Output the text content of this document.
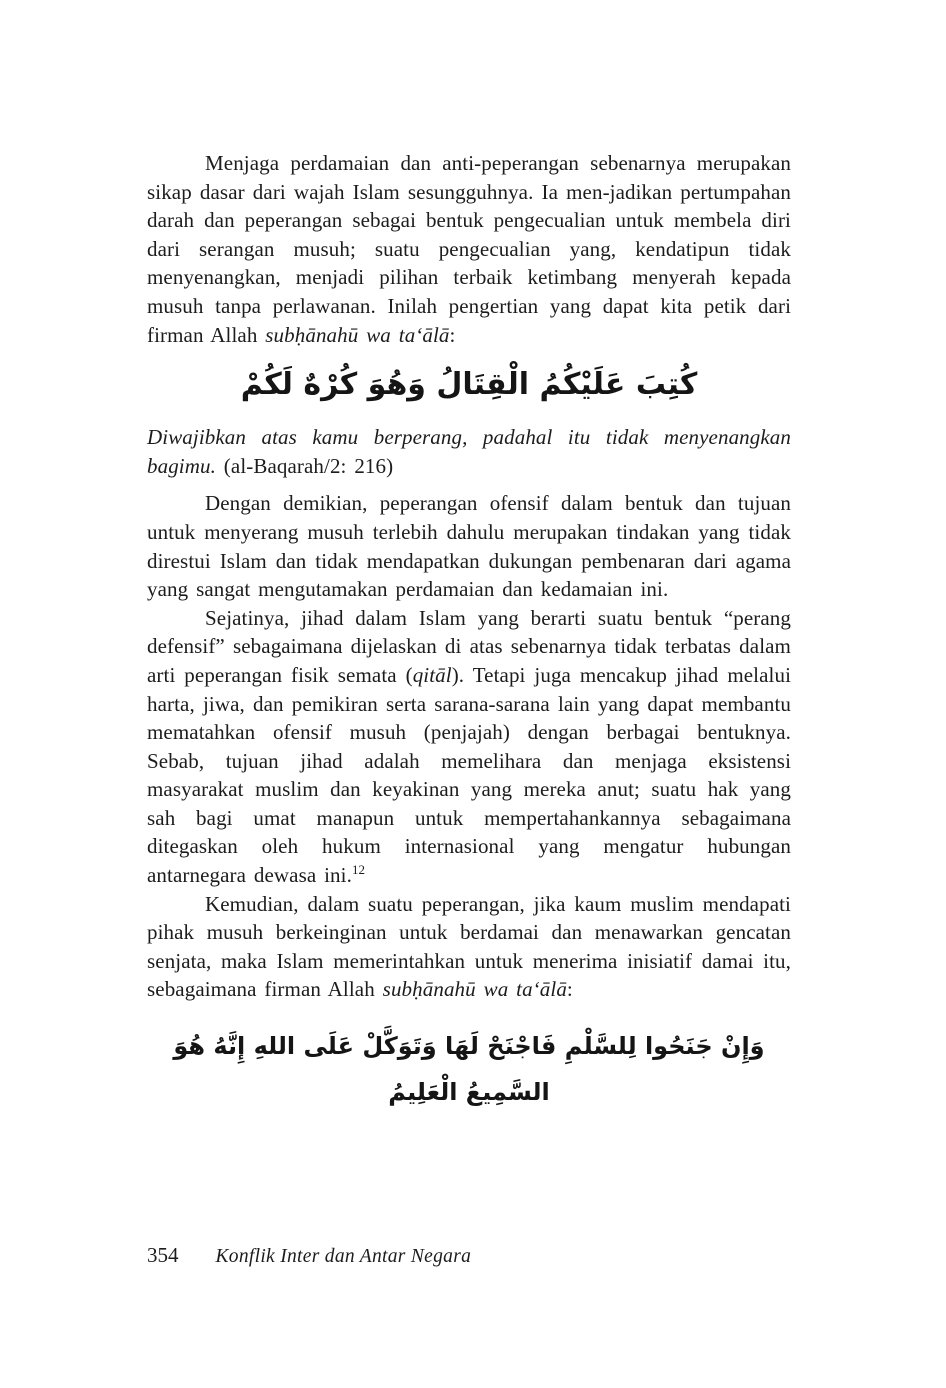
Menjaga perdamaian dan anti-peperangan sebenarnya merupakan sikap dasar dari wajah Islam sesungguhnya. Ia men-jadikan pertumpahan darah dan peperangan sebagai bentuk pengecualian untuk membela diri dari serangan musuh; suatu pengecualian yang, kendatipun tidak menyenangkan, menjadi pilihan terbaik ketimbang menyerah kepada musuh tanpa perlawanan. Inilah pengertian yang dapat kita petik dari firman Allah subḥānahū wa ta‘ālā:

كُتِبَ عَلَيْكُمُ الْقِتَالُ وَهُوَ كُرْهٌ لَكُمْ

Diwajibkan atas kamu berperang, padahal itu tidak menyenangkan bagimu. (al-Baqarah/2: 216)

Dengan demikian, peperangan ofensif dalam bentuk dan tujuan untuk menyerang musuh terlebih dahulu merupakan tindakan yang tidak direstui Islam dan tidak mendapatkan dukungan pembenaran dari agama yang sangat mengutamakan perdamaian dan kedamaian ini.

Sejatinya, jihad dalam Islam yang berarti suatu bentuk “perang defensif” sebagaimana dijelaskan di atas sebenarnya tidak terbatas dalam arti peperangan fisik semata (qitāl). Tetapi juga mencakup jihad melalui harta, jiwa, dan pemikiran serta sarana-sarana lain yang dapat membantu mematahkan ofensif musuh (penjajah) dengan berbagai bentuknya. Sebab, tujuan jihad adalah memelihara dan menjaga eksistensi masyarakat muslim dan keyakinan yang mereka anut; suatu hak yang sah bagi umat manapun untuk mempertahankannya sebagaimana ditegaskan oleh hukum internasional yang mengatur hubungan antarnegara dewasa ini.$^{12}$

Kemudian, dalam suatu peperangan, jika kaum muslim mendapati pihak musuh berkeinginan untuk berdamai dan menawarkan gencatan senjata, maka Islam memerintahkan untuk menerima inisiatif damai itu, sebagaimana firman Allah subḥānahū wa ta‘ālā:

وَإِنْ جَنَحُوا لِلسَّلْمِ فَاجْنَحْ لَهَا وَتَوَكَّلْ عَلَى اللهِ إِنَّهُ هُوَ السَّمِيعُ الْعَلِيمُ
354 Konflik Inter dan Antar Negara
